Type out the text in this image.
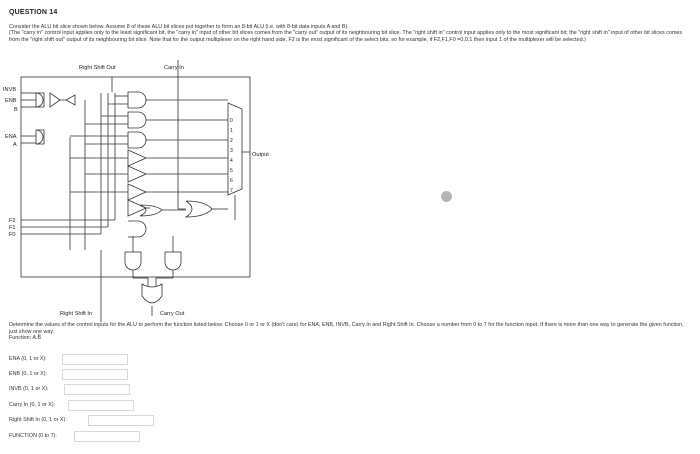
QUESTION 14

Consider the ALU bit slice shown below. Assume 8 of these ALU bit slices put together to form an 8-bit ALU (i.e. with 8-bit data inputs A and B).

(The "carry in" control input applies only to the least significant bit, the "carry in" input of other bit slices comes from the "carry out" output of its neighbouring bit slice. The "right shift in" control input applies only to the most significant bit; the "right shift in" input of other bit slices comes from the "right shift out" output of its neighbouring bit slice. Note that for the output multiplexer on the right hand side, F2 is the most significant of the select bits, so for example, if F2,F1,F0 =0,0,1 then input 1 of the multiplexer will be selected.)

Right Shift Out	Carry In
INVB
ENB
B
ENA
A
F2
F1
F0
Output
Right Shift In	Carry Out
0
1
2
3
4
5
6
7

Determine the values of the control inputs for the ALU to perform the function listed below. Choose 0 or 1 or X (don't care) for ENA, ENB, INVB, Carry In and Right Shift In. Choose a number from 0 to 7 for the function input. If there is more than one way to generate the given function, just show one way.

Function: A.B̅

ENA (0, 1 or X):
ENB (0, 1 or X):
INVB (0, 1 or X):
Carry In (0, 1 or X):
Right Shift In (0, 1 or X):
FUNCTION (0 to 7):
